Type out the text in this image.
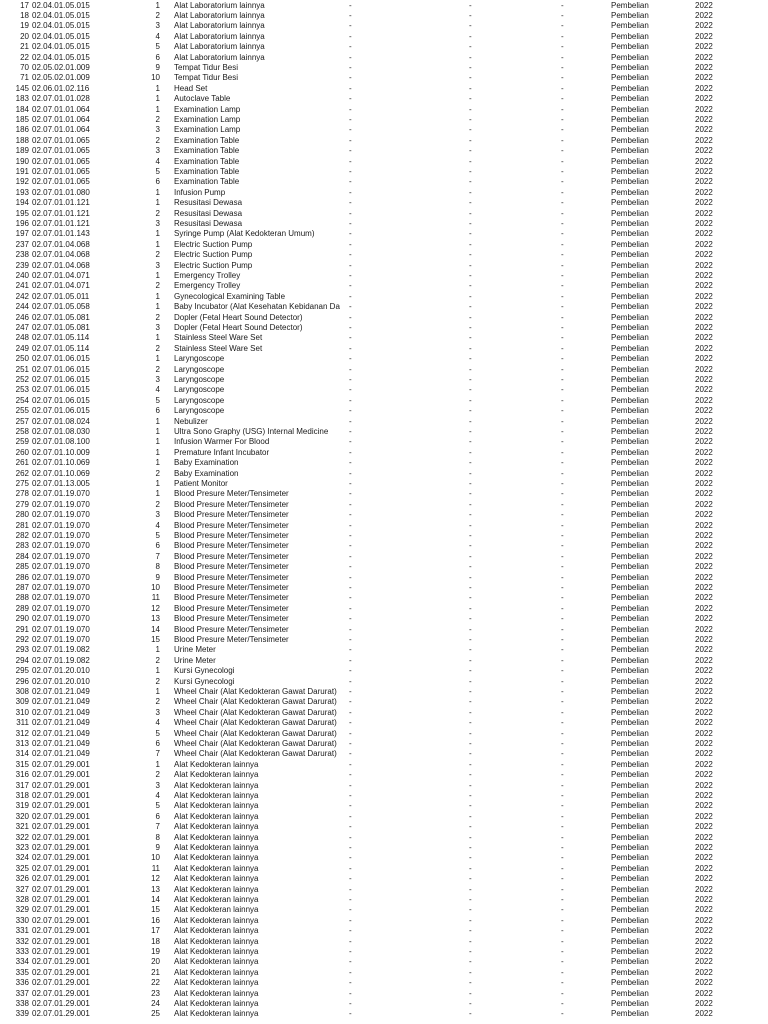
17 02.04.01.05.015	1 Alat Laboratorium lainnya	-	-	-	Pembelian	2022
18 02.04.01.05.015	2 Alat Laboratorium lainnya	-	-	-	Pembelian	2022
19 02.04.01.05.015	3 Alat Laboratorium lainnya	-	-	-	Pembelian	2022
20 02.04.01.05.015	4 Alat Laboratorium lainnya	-	-	-	Pembelian	2022
21 02.04.01.05.015	5 Alat Laboratorium lainnya	-	-	-	Pembelian	2022
22 02.04.01.05.015	6 Alat Laboratorium lainnya	-	-	-	Pembelian	2022
70 02.05.02.01.009	9 Tempat Tidur Besi	-	-	-	Pembelian	2022
71 02.05.02.01.009	10 Tempat Tidur Besi	-	-	-	Pembelian	2022
145 02.06.01.02.116	1 Head Set	-	-	-	Pembelian	2022
183 02.07.01.01.028	1 Autoclave Table	-	-	-	Pembelian	2022
184 02.07.01.01.064	1 Examination Lamp	-	-	-	Pembelian	2022
185 02.07.01.01.064	2 Examination Lamp	-	-	-	Pembelian	2022
186 02.07.01.01.064	3 Examination Lamp	-	-	-	Pembelian	2022
188 02.07.01.01.065	2 Examination Table	-	-	-	Pembelian	2022
189 02.07.01.01.065	3 Examination Table	-	-	-	Pembelian	2022
190 02.07.01.01.065	4 Examination Table	-	-	-	Pembelian	2022
191 02.07.01.01.065	5 Examination Table	-	-	-	Pembelian	2022
192 02.07.01.01.065	6 Examination Table	-	-	-	Pembelian	2022
193 02.07.01.01.080	1 Infusion Pump	-	-	-	Pembelian	2022
194 02.07.01.01.121	1 Resusitasi Dewasa	-	-	-	Pembelian	2022
195 02.07.01.01.121	2 Resusitasi Dewasa	-	-	-	Pembelian	2022
196 02.07.01.01.121	3 Resusitasi Dewasa	-	-	-	Pembelian	2022
197 02.07.01.01.143	1 Syringe Pump (Alat Kedokteran Umum)	-	-	-	Pembelian	2022
237 02.07.01.04.068	1 Electric Suction Pump	-	-	-	Pembelian	2022
238 02.07.01.04.068	2 Electric Suction Pump	-	-	-	Pembelian	2022
239 02.07.01.04.068	3 Electric Suction Pump	-	-	-	Pembelian	2022
240 02.07.01.04.071	1 Emergency Trolley	-	-	-	Pembelian	2022
241 02.07.01.04.071	2 Emergency Trolley	-	-	-	Pembelian	2022
242 02.07.01.05.011	1 Gynecological Examining Table	-	-	-	Pembelian	2022
244 02.07.01.05.058	1 Baby Incubator (Alat Kesehatan Kebidanan Da	-	-	-	Pembelian	2022
246 02.07.01.05.081	2 Dopler (Fetal Heart Sound Detector)	-	-	-	Pembelian	2022
247 02.07.01.05.081	3 Dopler (Fetal Heart Sound Detector)	-	-	-	Pembelian	2022
248 02.07.01.05.114	1 Stainless Steel Ware Set	-	-	-	Pembelian	2022
249 02.07.01.05.114	2 Stainless Steel Ware Set	-	-	-	Pembelian	2022
250 02.07.01.06.015	1 Laryngoscope	-	-	-	Pembelian	2022
251 02.07.01.06.015	2 Laryngoscope	-	-	-	Pembelian	2022
252 02.07.01.06.015	3 Laryngoscope	-	-	-	Pembelian	2022
253 02.07.01.06.015	4 Laryngoscope	-	-	-	Pembelian	2022
254 02.07.01.06.015	5 Laryngoscope	-	-	-	Pembelian	2022
255 02.07.01.06.015	6 Laryngoscope	-	-	-	Pembelian	2022
257 02.07.01.08.024	1 Nebulizer	-	-	-	Pembelian	2022
258 02.07.01.08.030	1 Ultra Sono Graphy (USG) Internal Medicine	-	-	-	Pembelian	2022
259 02.07.01.08.100	1 Infusion Warmer For Blood	-	-	-	Pembelian	2022
260 02.07.01.10.009	1 Premature Infant Incubator	-	-	-	Pembelian	2022
261 02.07.01.10.069	1 Baby Examination	-	-	-	Pembelian	2022
262 02.07.01.10.069	2 Baby Examination	-	-	-	Pembelian	2022
275 02.07.01.13.005	1 Patient Monitor	-	-	-	Pembelian	2022
278 02.07.01.19.070	1 Blood Presure Meter/Tensimeter	-	-	-	Pembelian	2022
279 02.07.01.19.070	2 Blood Presure Meter/Tensimeter	-	-	-	Pembelian	2022
280 02.07.01.19.070	3 Blood Presure Meter/Tensimeter	-	-	-	Pembelian	2022
281 02.07.01.19.070	4 Blood Presure Meter/Tensimeter	-	-	-	Pembelian	2022
282 02.07.01.19.070	5 Blood Presure Meter/Tensimeter	-	-	-	Pembelian	2022
283 02.07.01.19.070	6 Blood Presure Meter/Tensimeter	-	-	-	Pembelian	2022
284 02.07.01.19.070	7 Blood Presure Meter/Tensimeter	-	-	-	Pembelian	2022
285 02.07.01.19.070	8 Blood Presure Meter/Tensimeter	-	-	-	Pembelian	2022
286 02.07.01.19.070	9 Blood Presure Meter/Tensimeter	-	-	-	Pembelian	2022
287 02.07.01.19.070	10 Blood Presure Meter/Tensimeter	-	-	-	Pembelian	2022
288 02.07.01.19.070	11 Blood Presure Meter/Tensimeter	-	-	-	Pembelian	2022
289 02.07.01.19.070	12 Blood Presure Meter/Tensimeter	-	-	-	Pembelian	2022
290 02.07.01.19.070	13 Blood Presure Meter/Tensimeter	-	-	-	Pembelian	2022
291 02.07.01.19.070	14 Blood Presure Meter/Tensimeter	-	-	-	Pembelian	2022
292 02.07.01.19.070	15 Blood Presure Meter/Tensimeter	-	-	-	Pembelian	2022
293 02.07.01.19.082	1 Urine Meter	-	-	-	Pembelian	2022
294 02.07.01.19.082	2 Urine Meter	-	-	-	Pembelian	2022
295 02.07.01.20.010	1 Kursi Gynecologi	-	-	-	Pembelian	2022
296 02.07.01.20.010	2 Kursi Gynecologi	-	-	-	Pembelian	2022
308 02.07.01.21.049	1 Wheel Chair (Alat Kedokteran Gawat Darurat)	-	-	-	Pembelian	2022
309 02.07.01.21.049	2 Wheel Chair (Alat Kedokteran Gawat Darurat)	-	-	-	Pembelian	2022
310 02.07.01.21.049	3 Wheel Chair (Alat Kedokteran Gawat Darurat)	-	-	-	Pembelian	2022
311 02.07.01.21.049	4 Wheel Chair (Alat Kedokteran Gawat Darurat)	-	-	-	Pembelian	2022
312 02.07.01.21.049	5 Wheel Chair (Alat Kedokteran Gawat Darurat)	-	-	-	Pembelian	2022
313 02.07.01.21.049	6 Wheel Chair (Alat Kedokteran Gawat Darurat)	-	-	-	Pembelian	2022
314 02.07.01.21.049	7 Wheel Chair (Alat Kedokteran Gawat Darurat)	-	-	-	Pembelian	2022
315 02.07.01.29.001	1 Alat Kedokteran lainnya	-	-	-	Pembelian	2022
316 02.07.01.29.001	2 Alat Kedokteran lainnya	-	-	-	Pembelian	2022
317 02.07.01.29.001	3 Alat Kedokteran lainnya	-	-	-	Pembelian	2022
318 02.07.01.29.001	4 Alat Kedokteran lainnya	-	-	-	Pembelian	2022
319 02.07.01.29.001	5 Alat Kedokteran lainnya	-	-	-	Pembelian	2022
320 02.07.01.29.001	6 Alat Kedokteran lainnya	-	-	-	Pembelian	2022
321 02.07.01.29.001	7 Alat Kedokteran lainnya	-	-	-	Pembelian	2022
322 02.07.01.29.001	8 Alat Kedokteran lainnya	-	-	-	Pembelian	2022
323 02.07.01.29.001	9 Alat Kedokteran lainnya	-	-	-	Pembelian	2022
324 02.07.01.29.001	10 Alat Kedokteran lainnya	-	-	-	Pembelian	2022
325 02.07.01.29.001	11 Alat Kedokteran lainnya	-	-	-	Pembelian	2022
326 02.07.01.29.001	12 Alat Kedokteran lainnya	-	-	-	Pembelian	2022
327 02.07.01.29.001	13 Alat Kedokteran lainnya	-	-	-	Pembelian	2022
328 02.07.01.29.001	14 Alat Kedokteran lainnya	-	-	-	Pembelian	2022
329 02.07.01.29.001	15 Alat Kedokteran lainnya	-	-	-	Pembelian	2022
330 02.07.01.29.001	16 Alat Kedokteran lainnya	-	-	-	Pembelian	2022
331 02.07.01.29.001	17 Alat Kedokteran lainnya	-	-	-	Pembelian	2022
332 02.07.01.29.001	18 Alat Kedokteran lainnya	-	-	-	Pembelian	2022
333 02.07.01.29.001	19 Alat Kedokteran lainnya	-	-	-	Pembelian	2022
334 02.07.01.29.001	20 Alat Kedokteran lainnya	-	-	-	Pembelian	2022
335 02.07.01.29.001	21 Alat Kedokteran lainnya	-	-	-	Pembelian	2022
336 02.07.01.29.001	22 Alat Kedokteran lainnya	-	-	-	Pembelian	2022
337 02.07.01.29.001	23 Alat Kedokteran lainnya	-	-	-	Pembelian	2022
338 02.07.01.29.001	24 Alat Kedokteran lainnya	-	-	-	Pembelian	2022
339 02.07.01.29.001	25 Alat Kedokteran lainnya	-	-	-	Pembelian	2022
